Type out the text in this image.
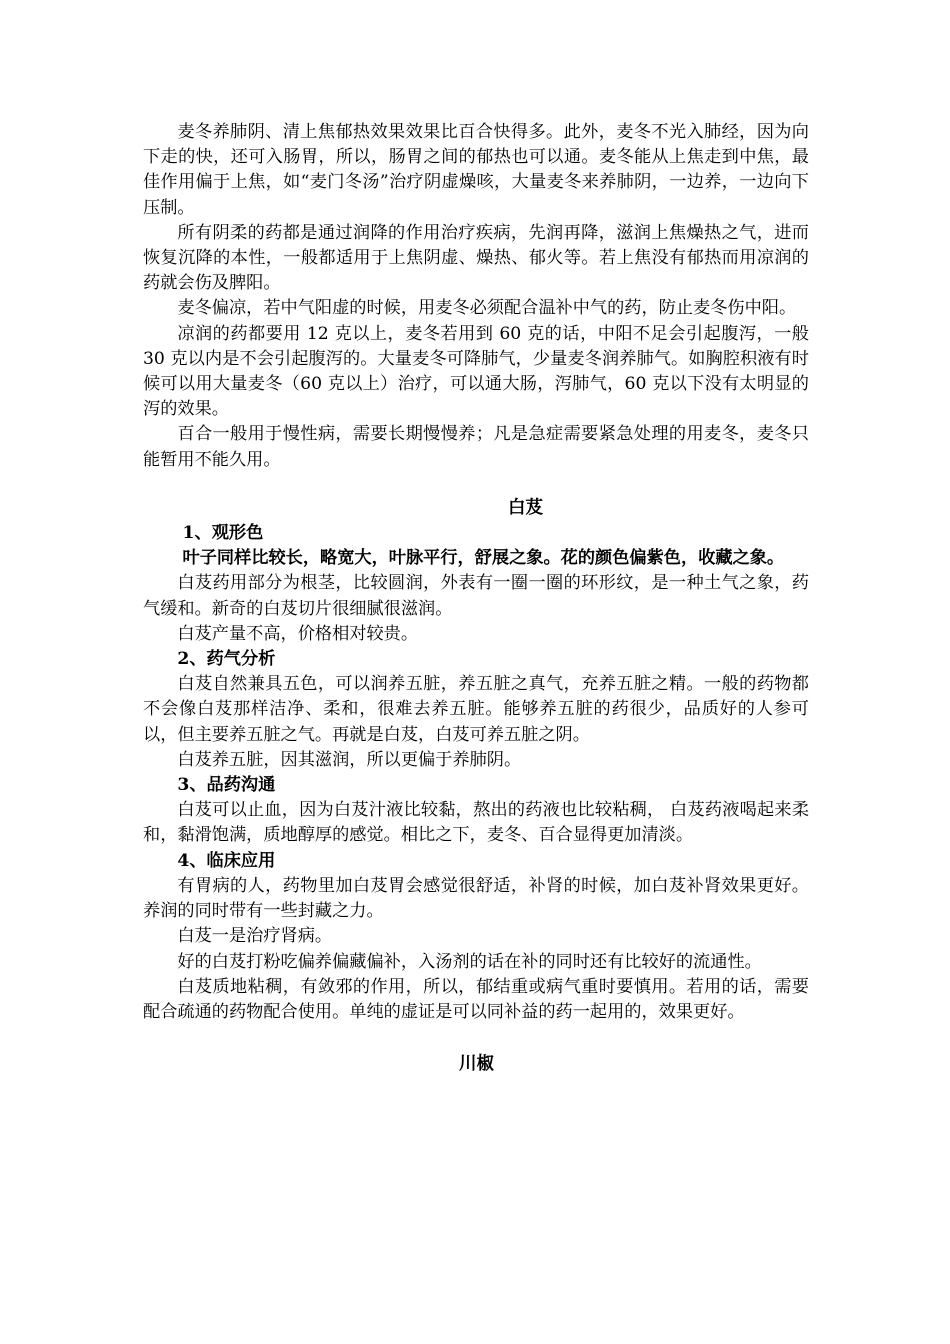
麦冬养肺阴、清上焦郁热效果效果比百合快得多。此外，麦冬不光入肺经，因为向下走的快，还可入肠胃，所以，肠胃之间的郁热也可以通。麦冬能从上焦走到中焦，最佳作用偏于上焦，如“麦门冬汤”治疗阴虚燥咳，大量麦冬来养肺阴，一边养，一边向下压制。

所有阴柔的药都是通过润降的作用治疗疾病，先润再降，滋润上焦燥热之气，进而恢复沉降的本性，一般都适用于上焦阴虚、燥热、郁火等。若上焦没有郁热而用凉润的药就会伤及脾阳。

麦冬偏凉，若中气阳虚的时候，用麦冬必须配合温补中气的药，防止麦冬伤中阳。

凉润的药都要用 12 克以上，麦冬若用到 60 克的话，中阳不足会引起腹泻，一般 30 克以内是不会引起腹泻的。大量麦冬可降肺气，少量麦冬润养肺气。如胸腔积液有时候可以用大量麦冬（60 克以上）治疗，可以通大肠，泻肺气，60 克以下没有太明显的泻的效果。

百合一般用于慢性病，需要长期慢慢养；凡是急症需要紧急处理的用麦冬，麦冬只能暂用不能久用。

白芨

1、观形色

叶子同样比较长，略宽大，叶脉平行，舒展之象。花的颜色偏紫色，收藏之象。

白芨药用部分为根茎，比较圆润，外表有一圈一圈的环形纹，是一种土气之象，药气缓和。新奇的白芨切片很细腻很滋润。

白芨产量不高，价格相对较贵。

2、药气分析

白芨自然兼具五色，可以润养五脏，养五脏之真气，充养五脏之精。一般的药物都不会像白芨那样洁净、柔和，很难去养五脏。能够养五脏的药很少，品质好的人参可以，但主要养五脏之气。再就是白芨，白芨可养五脏之阴。

白芨养五脏，因其滋润，所以更偏于养肺阴。

3、品药沟通

白芨可以止血，因为白芨汁液比较黏，熬出的药液也比较粘稠， 白芨药液喝起来柔和，黏滑饱满，质地醇厚的感觉。相比之下，麦冬、百合显得更加清淡。

4、临床应用

有胃病的人，药物里加白芨胃会感觉很舒适，补肾的时候，加白芨补肾效果更好。养润的同时带有一些封藏之力。

白芨一是治疗肾病。

好的白芨打粉吃偏养偏藏偏补，入汤剂的话在补的同时还有比较好的流通性。

白芨质地粘稠，有敛邪的作用，所以，郁结重或病气重时要慎用。若用的话，需要配合疏通的药物配合使用。单纯的虚证是可以同补益的药一起用的，效果更好。

川椒
